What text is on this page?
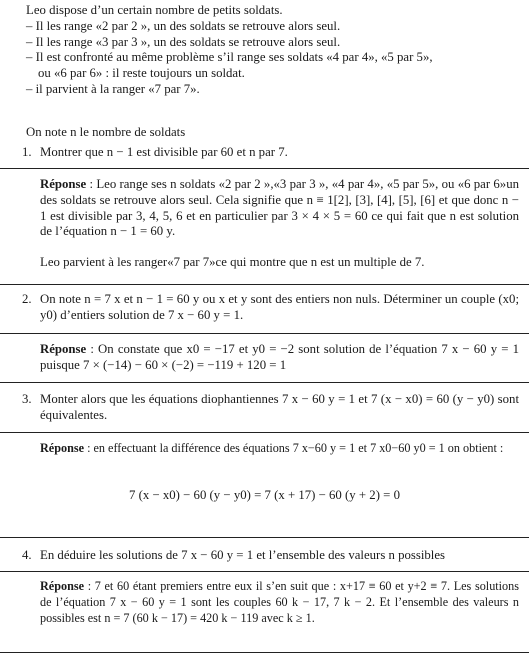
Leo dispose d’un certain nombre de petits soldats.

– Il les range «2 par 2 », un des soldats se retrouve alors seul.

– Il les range «3 par 3 », un des soldats se retrouve alors seul.

– Il est confronté au même problème s’il range ses soldats «4 par 4», «5 par 5»,

ou «6 par 6» : il reste toujours un soldat.

– il parvient à la ranger «7 par 7».

On note n le nombre de soldats
1. Montrer que n − 1 est divisible par 60 et n par 7.

Réponse : Leo range ses n soldats «2 par 2 »,«3 par 3 », «4 par 4», «5 par 5», ou «6 par 6»un des soldats se retrouve alors seul. Cela signifie que n ≡ 1[2], [3], [4], [5], [6] et que donc n − 1 est divisible par 3, 4, 5, 6 et en particulier par 3 × 4 × 5 = 60 ce qui fait que n est solution de l’équation n − 1 = 60 y.

Leo parvient à les ranger«7 par 7»ce qui montre que n est un multiple de 7.

2. On note n = 7 x et n − 1 = 60 y ou x et y sont des entiers non nuls. Déterminer un couple (x0; y0) d’entiers solution de 7 x − 60 y = 1.

Réponse : On constate que x0 = −17 et y0 = −2 sont solution de l’équation 7 x − 60 y = 1 puisque 7 × (−14) − 60 × (−2) = −119 + 120 = 1

3. Monter alors que les équations diophantiennes 7 x − 60 y = 1 et 7 (x − x0) = 60 (y − y0) sont équivalentes.

Réponse : en effectuant la différence des équations 7 x−60 y = 1 et 7 x0−60 y0 = 1 on obtient :

7 (x − x0) − 60 (y − y0) = 7 (x + 17) − 60 (y + 2) = 0
4. En déduire les solutions de 7 x − 60 y = 1 et l’ensemble des valeurs n possibles

Réponse : 7 et 60 étant premiers entre eux il s’en suit que : x+17 ≡ 60 et y+2 ≡ 7. Les solutions de l’équation 7 x − 60 y = 1 sont les couples 60 k − 17, 7 k − 2. Et l’ensemble des valeurs n possibles est n = 7 (60 k − 17) = 420 k − 119 avec k ≥ 1.
